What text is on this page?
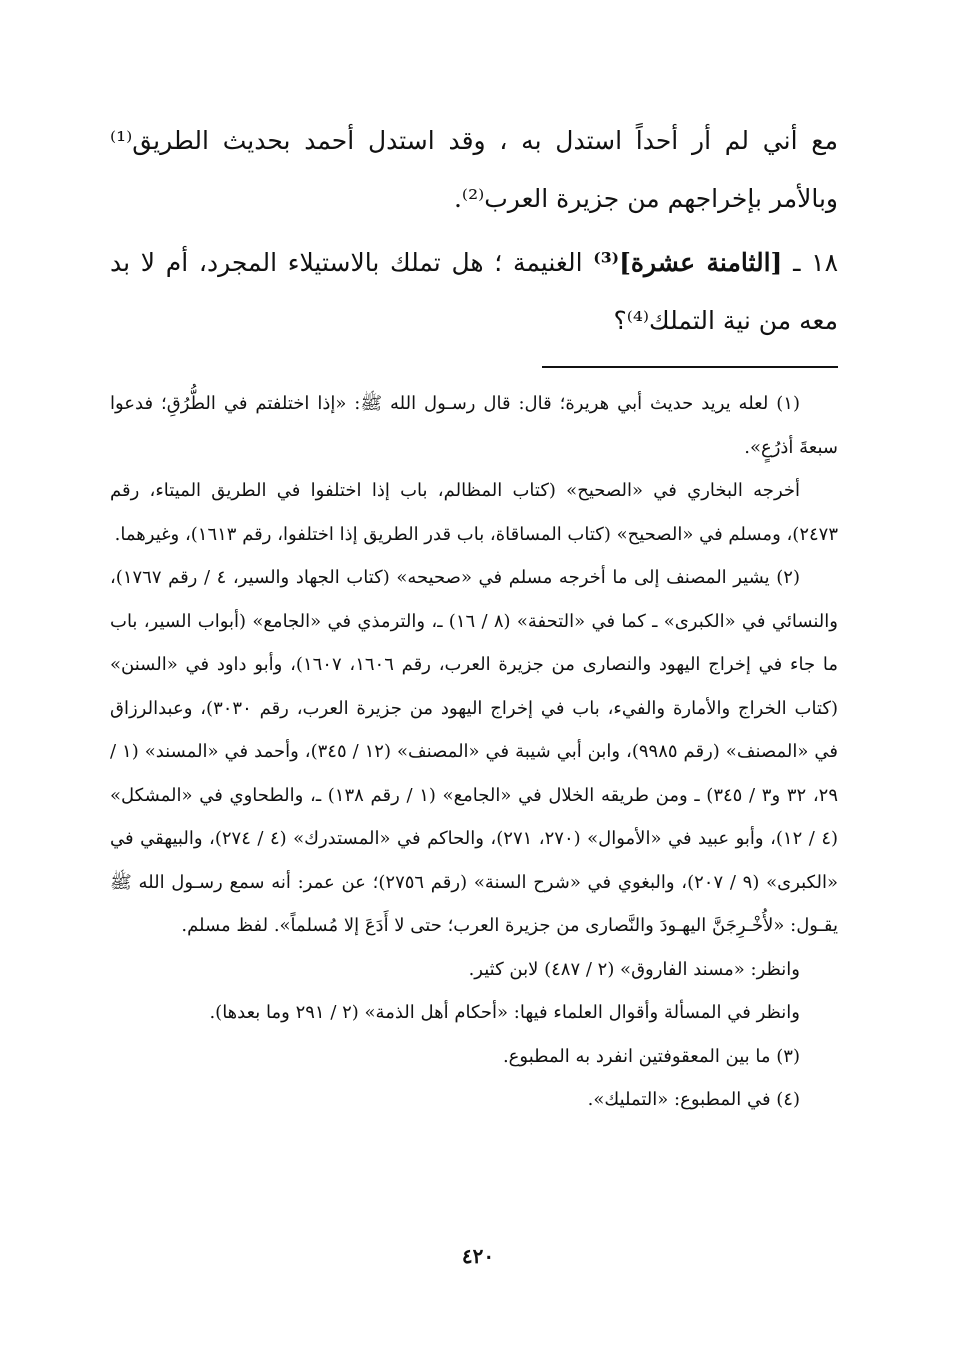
مع أني لم أر أحداً استدل به ، وقد استدل أحمد بحديث الطريق⁽¹⁾ وبالأمر بإخراجهم من جزيرة العرب⁽²⁾.

١٨ ـ [الثامنة عشرة]⁽³⁾ الغنيمة ؛ هل تملك بالاستيلاء المجرد، أم لا بد معه من نية التملك⁽⁴⁾؟

(١) لعله يريد حديث أبي هريرة؛ قال: قال رسـول الله ﷺ: «إذا اختلفتم في الطُّرُقِ؛ فدعوا سبعةَ أذرُعٍ».

أخرجه البخاري في «الصحيح» (كتاب المظالم، باب إذا اختلفوا في الطريق الميتاء، رقم ٢٤٧٣)، ومسلم في «الصحيح» (كتاب المساقاة، باب قدر الطريق إذا اختلفوا، رقم ١٦١٣)، وغيرهما.

(٢) يشير المصنف إلى ما أخرجه مسلم في «صحيحه» (كتاب الجهاد والسير، ٤ / رقم ١٧٦٧)، والنسائي في «الكبرى» ـ كما في «التحفة» (٨ / ١٦) ـ، والترمذي في «الجامع» (أبواب السير، باب ما جاء في إخراج اليهود والنصارى من جزيرة العرب، رقم ١٦٠٦، ١٦٠٧)، وأبو داود في «السنن» (كتاب الخراج والأمارة والفيء، باب في إخراج اليهود من جزيرة العرب، رقم ٣٠٣٠)، وعبدالرزاق في «المصنف» (رقم ٩٩٨٥)، وابن أبي شيبة في «المصنف» (١٢ / ٣٤٥)، وأحمد في «المسند» (١ / ٢٩، ٣٢ و٣ / ٣٤٥) ـ ومن طريقه الخلال في «الجامع» (١ / رقم ١٣٨) ـ، والطحاوي في «المشكل» (٤ / ١٢)، وأبو عبيد في «الأموال» (٢٧٠، ٢٧١)، والحاكم في «المستدرك» (٤ / ٢٧٤)، والبيهقي في «الكبرى» (٩ / ٢٠٧)، والبغوي في «شرح السنة» (رقم ٢٧٥٦)؛ عن عمر: أنه سمع رسـول الله ﷺ يقـول: «لأُخْـرِجَنَّ اليهـودَ والنَّصارى من جزيرة العرب؛ حتى لا أَدَعَ إلا مُسلماً». لفظ مسلم.

وانظر: «مسند الفاروق» (٢ / ٤٨٧) لابن كثير.

وانظر في المسألة وأقوال العلماء فيها: «أحكام أهل الذمة» (٢ / ٢٩١ وما بعدها).

(٣) ما بين المعقوفتين انفرد به المطبوع.

(٤) في المطبوع: «التمليك».

٤٢٠
